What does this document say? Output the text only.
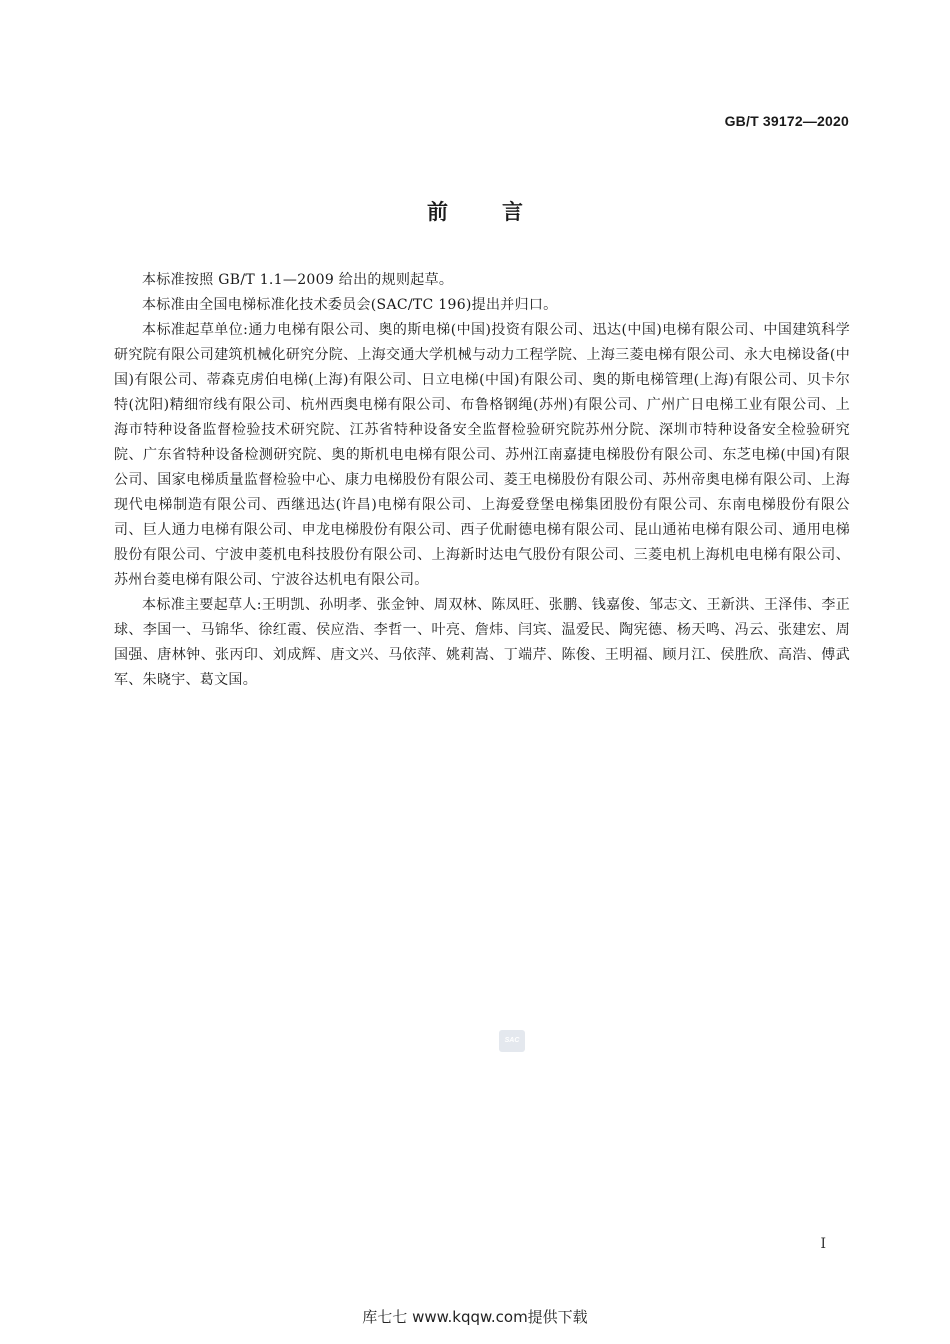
GB/T 39172—2020
前言

本标准按照 GB/T 1.1—2009 给出的规则起草。

本标准由全国电梯标准化技术委员会(SAC/TC 196)提出并归口。

本标准起草单位:通力电梯有限公司、奥的斯电梯(中国)投资有限公司、迅达(中国)电梯有限公司、中国建筑科学研究院有限公司建筑机械化研究分院、上海交通大学机械与动力工程学院、上海三菱电梯有限公司、永大电梯设备(中国)有限公司、蒂森克虏伯电梯(上海)有限公司、日立电梯(中国)有限公司、奥的斯电梯管理(上海)有限公司、贝卡尔特(沈阳)精细帘线有限公司、杭州西奥电梯有限公司、布鲁格钢绳(苏州)有限公司、广州广日电梯工业有限公司、上海市特种设备监督检验技术研究院、江苏省特种设备安全监督检验研究院苏州分院、深圳市特种设备安全检验研究院、广东省特种设备检测研究院、奥的斯机电电梯有限公司、苏州江南嘉捷电梯股份有限公司、东芝电梯(中国)有限公司、国家电梯质量监督检验中心、康力电梯股份有限公司、菱王电梯股份有限公司、苏州帝奥电梯有限公司、上海现代电梯制造有限公司、西继迅达(许昌)电梯有限公司、上海爱登堡电梯集团股份有限公司、东南电梯股份有限公司、巨人通力电梯有限公司、申龙电梯股份有限公司、西子优耐德电梯有限公司、昆山通祐电梯有限公司、通用电梯股份有限公司、宁波申菱机电科技股份有限公司、上海新时达电气股份有限公司、三菱电机上海机电电梯有限公司、苏州台菱电梯有限公司、宁波谷达机电有限公司。

本标准主要起草人:王明凯、孙明孝、张金钟、周双林、陈凤旺、张鹏、钱嘉俊、邹志文、王新洪、王泽伟、李正球、李国一、马锦华、徐红霞、侯应浩、李哲一、叶亮、詹炜、闫宾、温爱民、陶宪德、杨天鸣、冯云、张建宏、周国强、唐林钟、张丙印、刘成辉、唐文兴、马依萍、姚莉嵩、丁端芹、陈俊、王明福、顾月江、侯胜欣、高浩、傅武军、朱晓宇、葛文国。

SAC
I
库七七 www.kqqw.com提供下载
